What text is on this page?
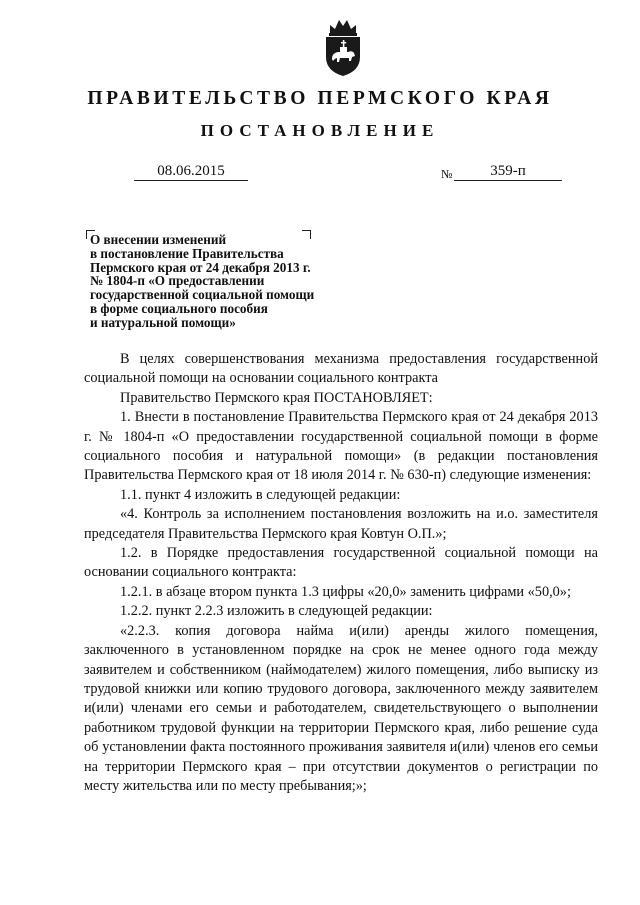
ПРАВИТЕЛЬСТВО ПЕРМСКОГО КРАЯ
ПОСТАНОВЛЕНИЕ
08.06.2015	№	359-п
О внесении изменений
в постановление Правительства
Пермского края от 24 декабря 2013 г.
№ 1804-п «О предоставлении
государственной социальной помощи
в форме социального пособия
и натуральной помощи»

В целях совершенствования механизма предоставления государственной социальной помощи на основании социального контракта

Правительство Пермского края ПОСТАНОВЛЯЕТ:

1. Внести в постановление Правительства Пермского края от 24 декабря 2013 г. № 1804-п «О предоставлении государственной социальной помощи в форме социального пособия и натуральной помощи» (в редакции постановления Правительства Пермского края от 18 июля 2014 г. № 630-п) следующие изменения:

1.1. пункт 4 изложить в следующей редакции:

«4. Контроль за исполнением постановления возложить на и.о. заместителя председателя Правительства Пермского края Ковтун О.П.»;

1.2. в Порядке предоставления государственной социальной помощи на основании социального контракта:

1.2.1. в абзаце втором пункта 1.3 цифры «20,0» заменить цифрами «50,0»;

1.2.2. пункт 2.2.3 изложить в следующей редакции:

«2.2.3. копия договора найма и(или) аренды жилого помещения, заключенного в установленном порядке на срок не менее одного года между заявителем и собственником (наймодателем) жилого помещения, либо выписку из трудовой книжки или копию трудового договора, заключенного между заявителем и(или) членами его семьи и работодателем, свидетельствующего о выполнении работником трудовой функции на территории Пермского края, либо решение суда об установлении факта постоянного проживания заявителя и(или) членов его семьи на территории Пермского края – при отсутствии документов о регистрации по месту жительства или по месту пребывания;»;
